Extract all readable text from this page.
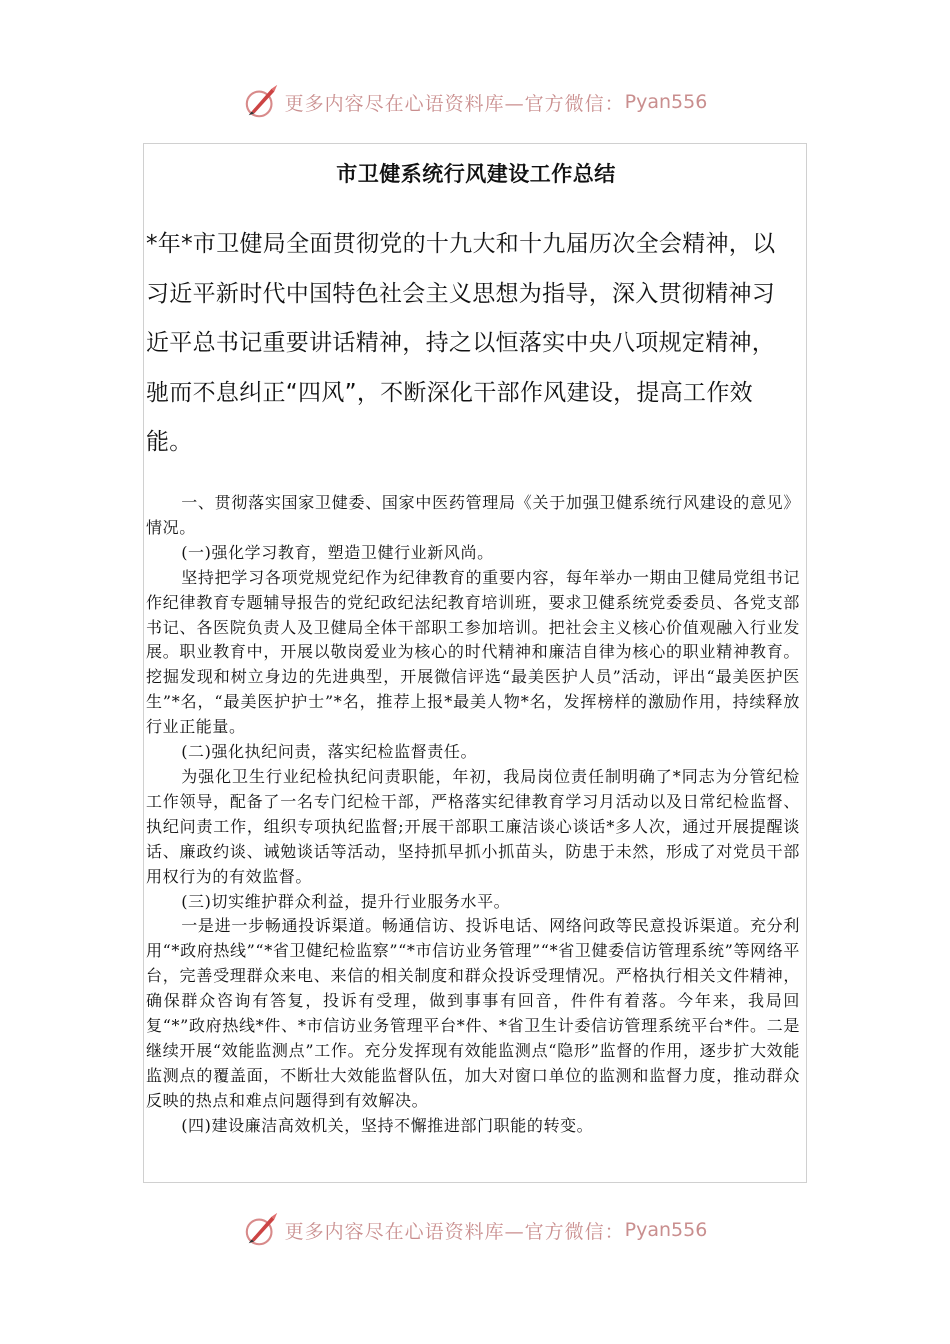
更多内容尽在心语资料库—官方微信： Pyan556
市卫健系统行风建设工作总结
*年*市卫健局全面贯彻党的十九大和十九届历次全会精神，以习近平新时代中国特色社会主义思想为指导，深入贯彻精神习近平总书记重要讲话精神，持之以恒落实中央八项规定精神，驰而不息纠正“四风”，不断深化干部作风建设，提高工作效能。

一、贯彻落实国家卫健委、国家中医药管理局《关于加强卫健系统行风建设的意见》情况。

(一)强化学习教育，塑造卫健行业新风尚。

坚持把学习各项党规党纪作为纪律教育的重要内容，每年举办一期由卫健局党组书记作纪律教育专题辅导报告的党纪政纪法纪教育培训班，要求卫健系统党委委员、各党支部书记、各医院负责人及卫健局全体干部职工参加培训。把社会主义核心价值观融入行业发展。职业教育中，开展以敬岗爱业为核心的时代精神和廉洁自律为核心的职业精神教育。挖掘发现和树立身边的先进典型，开展微信评选“最美医护人员”活动，评出“最美医护医生”*名，“最美医护护士”*名，推荐上报*最美人物*名，发挥榜样的激励作用，持续释放行业正能量。

(二)强化执纪问责，落实纪检监督责任。

为强化卫生行业纪检执纪问责职能，年初，我局岗位责任制明确了*同志为分管纪检工作领导，配备了一名专门纪检干部，严格落实纪律教育学习月活动以及日常纪检监督、执纪问责工作，组织专项执纪监督;开展干部职工廉洁谈心谈话*多人次，通过开展提醒谈话、廉政约谈、诫勉谈话等活动，坚持抓早抓小抓苗头，防患于未然，形成了对党员干部用权行为的有效监督。

(三)切实维护群众利益，提升行业服务水平。

一是进一步畅通投诉渠道。畅通信访、投诉电话、网络问政等民意投诉渠道。充分利用“*政府热线”“*省卫健纪检监察”“*市信访业务管理”“*省卫健委信访管理系统”等网络平台，完善受理群众来电、来信的相关制度和群众投诉受理情况。严格执行相关文件精神，确保群众咨询有答复，投诉有受理，做到事事有回音，件件有着落。今年来，我局回复“*”政府热线*件、*市信访业务管理平台*件、*省卫生计委信访管理系统平台*件。二是继续开展“效能监测点”工作。充分发挥现有效能监测点“隐形”监督的作用，逐步扩大效能监测点的覆盖面，不断壮大效能监督队伍，加大对窗口单位的监测和监督力度，推动群众反映的热点和难点问题得到有效解决。

(四)建设廉洁高效机关，坚持不懈推进部门职能的转变。

更多内容尽在心语资料库—官方微信： Pyan556
